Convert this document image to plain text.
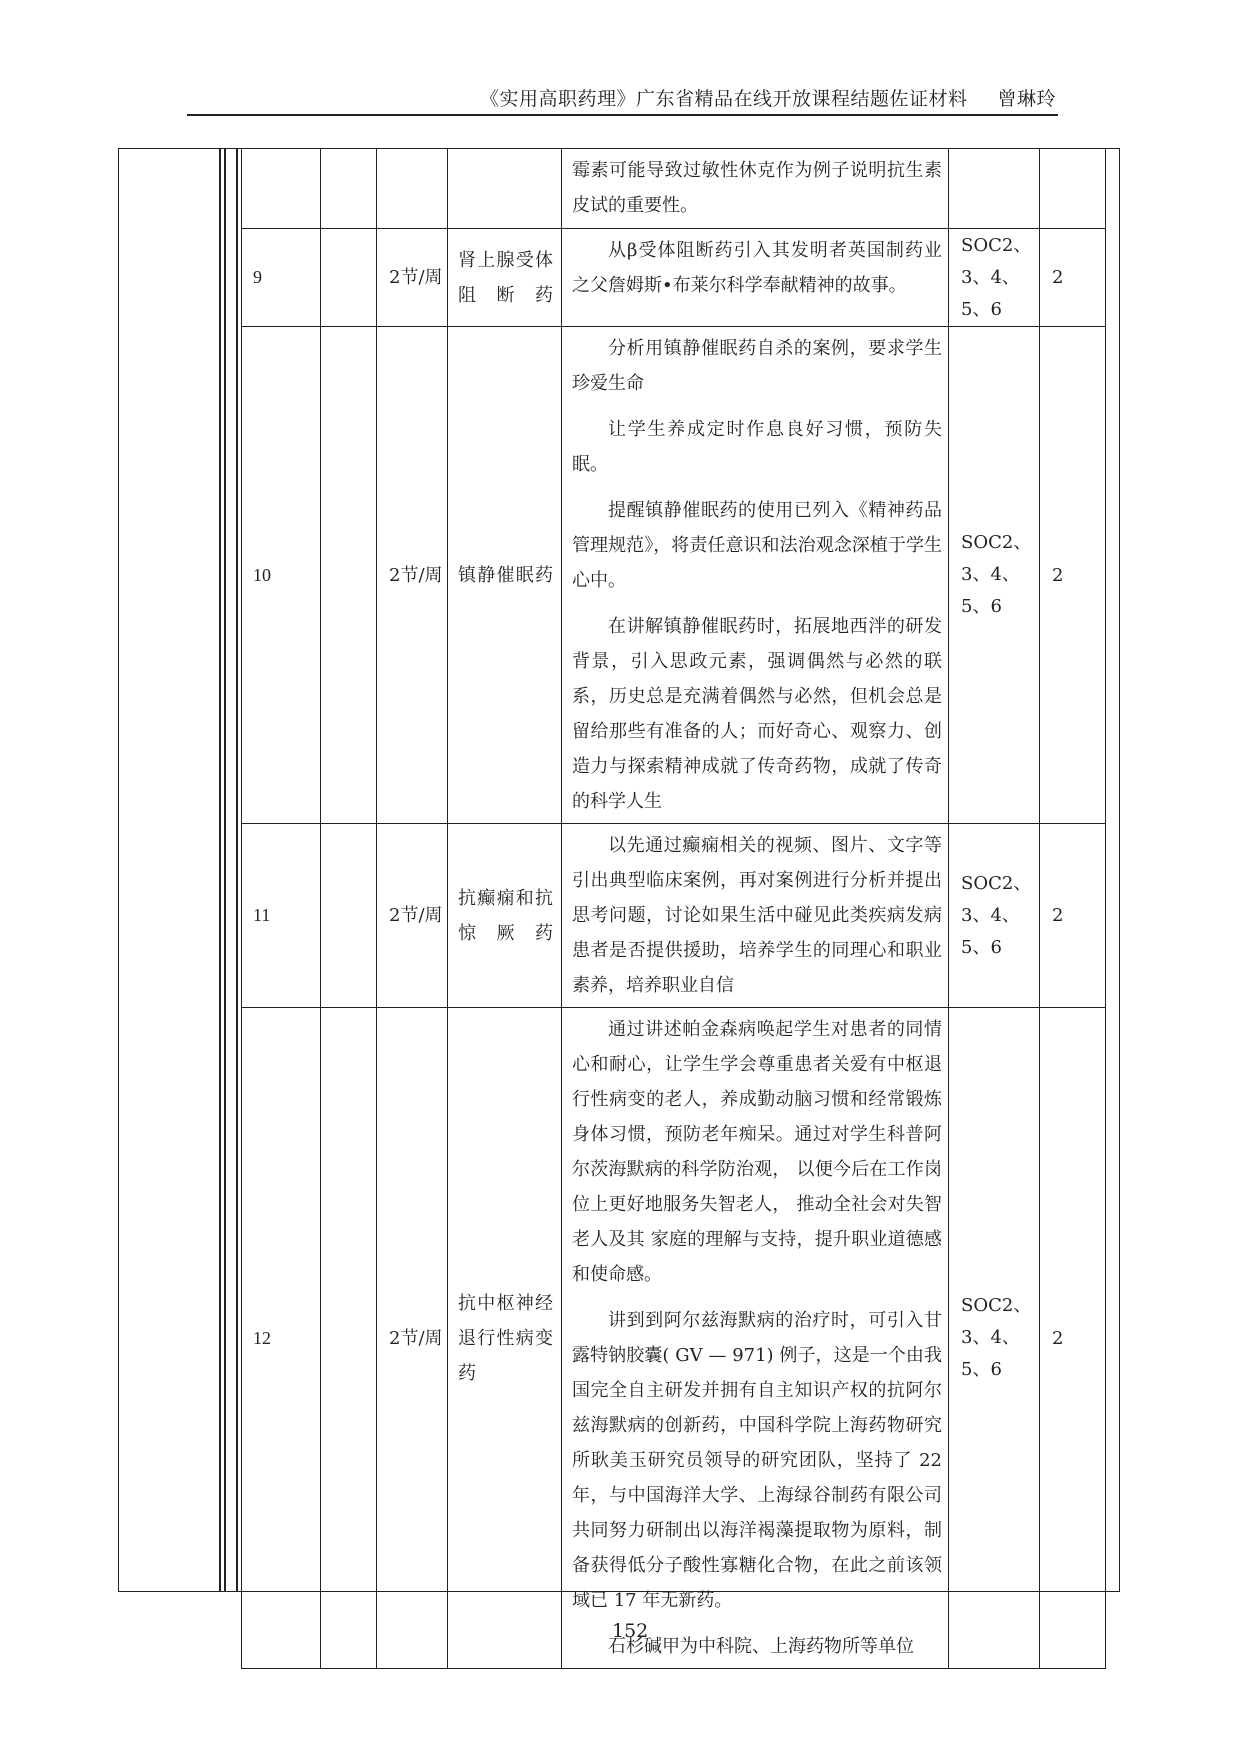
《实用高职药理》广东省精品在线开放课程结题佐证材料 曾琳玲

				霉素可能导致过敏性休克作为例子说明抗生素皮试的重要性。		

9		2节/周	肾上腺受体阻断药	从β受体阻断药引入其发明者英国制药业之父詹姆斯•布莱尔科学奉献精神的故事。	SOC2、3、4、5、6	2
10		2节/周	镇静催眠药	分析用镇静催眠药自杀的案例，要求学生珍爱生命

让学生养成定时作息良好习惯，预防失眠。

提醒镇静催眠药的使用已列入《精神药品管理规范》，将责任意识和法治观念深植于学生心中。

在讲解镇静催眠药时，拓展地西泮的研发背景，引入思政元素，强调偶然与必然的联系，历史总是充满着偶然与必然，但机会总是留给那些有准备的人；而好奇心、观察力、创造力与探索精神成就了传奇药物，成就了传奇的科学人生	SOC2、3、4、5、6	2
11		2节/周	抗癫痫和抗惊厥药	以先通过癫痫相关的视频、图片、文字等引出典型临床案例，再对案例进行分析并提出思考问题，讨论如果生活中碰见此类疾病发病患者是否提供援助，培养学生的同理心和职业素养，培养职业自信	SOC2、3、4、5、6	2
12		2节/周	抗中枢神经退行性病变药	通过讲述帕金森病唤起学生对患者的同情心和耐心，让学生学会尊重患者关爱有中枢退行性病变的老人，养成勤动脑习惯和经常锻炼身体习惯，预防老年痴呆。通过对学生科普阿尔茨海默病的科学防治观， 以便今后在工作岗位上更好地服务失智老人， 推动全社会对失智老人及其 家庭的理解与支持，提升职业道德感和使命感。

讲到到阿尔兹海默病的治疗时，可引入甘露特钠胶囊( GV — 971) 例子，这是一个由我国完全自主研发并拥有自主知识产权的抗阿尔兹海默病的创新药，中国科学院上海药物研究所耿美玉研究员领导的研究团队，坚持了 22 年，与中国海洋大学、上海绿谷制药有限公司共同努力研制出以海洋褐藻提取物为原料，制备获得低分子酸性寡糖化合物，在此之前该领域已 17 年无新药。

石杉碱甲为中科院、上海药物所等单位	SOC2、3、4、5、6	2
152
